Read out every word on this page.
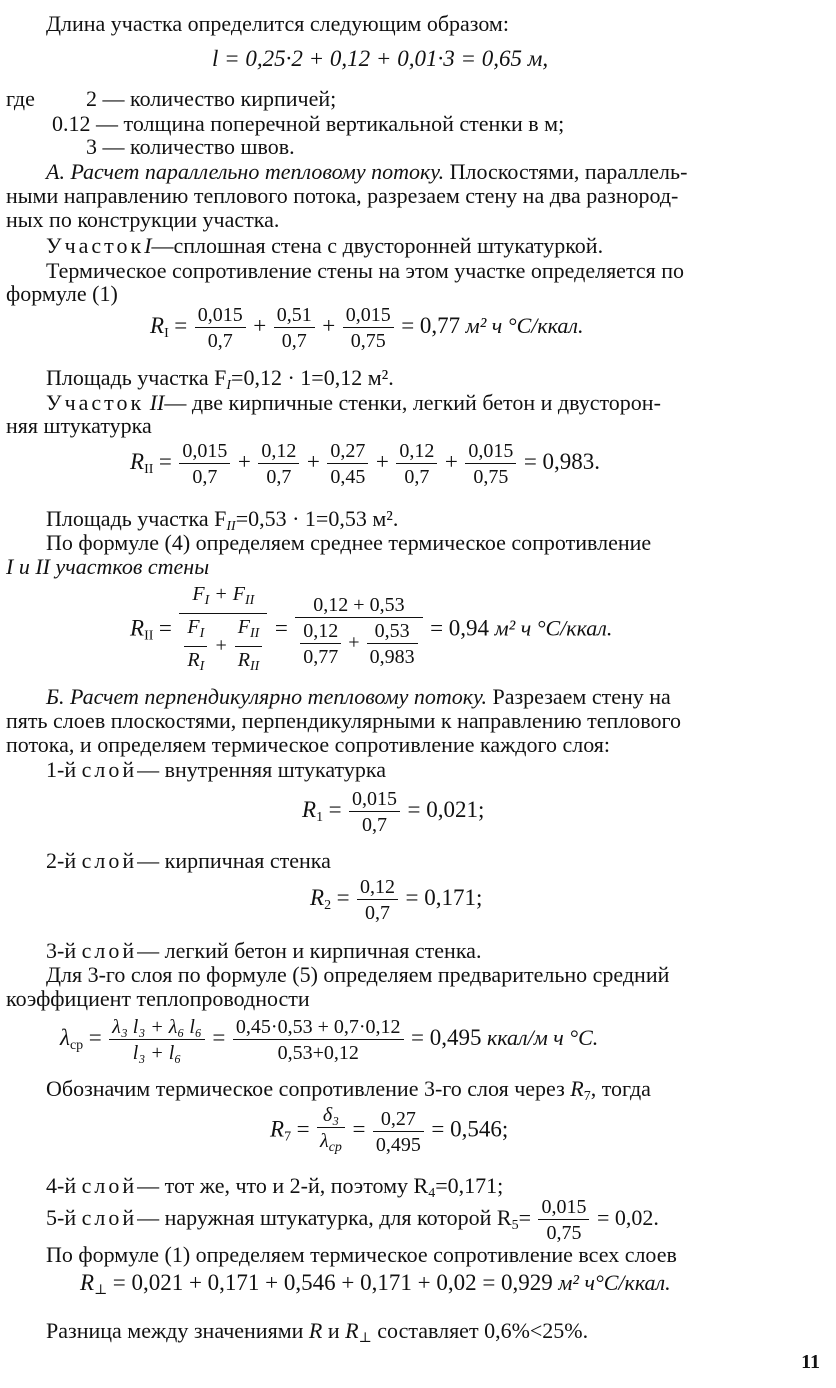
Длина участка определится следующим образом:
l = 0,25·2 + 0,12 + 0,01·3 = 0,65 м,
где 2 — количество кирпичей;
0.12 — толщина поперечной вертикальной стенки в м;
3 — количество швов.
А. Расчет параллельно тепловому потоку. Плоскостями, параллель-
ными направлению теплового потока, разрезаем стену на два разнород-
ных по конструкции участка.
УчастокI—сплошная стена с двусторонней штукатуркой.
Термическое сопротивление стены на этом участке определяется по
формуле (1)
$R_I = \frac{0,015}{0,7} + \frac{0,51}{0,7} + \frac{0,015}{0,75} = 0,77$ м² ч °С/ккал.
Площадь участка $F_I=0,12 \cdot 1=0,12$ м².
Участок II— две кирпичные стенки, легкий бетон и двусторон-
няя штукатурка
$R_{II} = \frac{0,015}{0,7} + \frac{0,12}{0,7} + \frac{0,27}{0,45} + \frac{0,12}{0,7} + \frac{0,015}{0,75} = 0,983$.
Площадь участка $F_{II}=0,53 \cdot 1=0,53$ м².
По формуле (4) определяем среднее термическое сопротивление
I и II участков стены
$R_{II} = \frac{F_I + F_{II}}{\frac{F_I}{R_I} + \frac{F_{II}}{R_{II}}} = \frac{0,12 + 0,53}{\frac{0,12}{0,77} + \frac{0,53}{0,983}} = 0,94$ м² ч °С/ккал.
Б. Расчет перпендикулярно тепловому потоку. Разрезаем стену на
пять слоев плоскостями, перпендикулярными к направлению теплового
потока, и определяем термическое сопротивление каждого слоя:
1-й слой— внутренняя штукатурка
$R_1 = \frac{0,015}{0,7} = 0,021$;
2-й слой— кирпичная стенка
$R_2 = \frac{0,12}{0,7} = 0,171$;
3-й слой— легкий бетон и кирпичная стенка.
Для 3-го слоя по формуле (5) определяем предварительно средний
коэффициент теплопроводности
$\lambda_{ср} = \frac{\text{λ₃ l₃ + λ₆ l₆}}{\text{l₃ + l₆}} = \frac{0,45\cdot 0,53 + 0,7\cdot 0,12}{0,53+0,12} = 0,495$ ккал/м ч °С.
Обозначим термическое сопротивление 3-го слоя через $R_7$, тогда
$R_7 = \frac{\text{δ₃}}{\lambda_{ср}} = \frac{0,27}{0,495} = 0,546$;
4-й слой— тот же, что и 2-й, поэтому $R_4=0,171$;
5-й слой— наружная штукатурка, для которой $R_5= \frac{0,015}{0,75} = 0,02$.
По формуле (1) определяем термическое сопротивление всех слоев
$R_\perp = 0,021 + 0,171 + 0,546 + 0,171 + 0,02 = 0,929$ м² ч°С/ккал.
Разница между значениями R и $R_\perp$ составляет 0,6%<25%.
11
